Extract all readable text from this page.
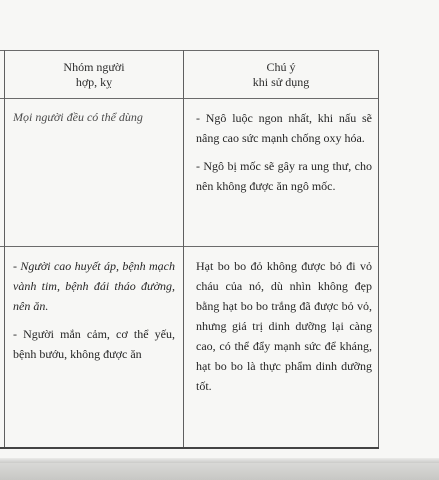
Nhóm người
hợp, kỵ
Chú ý
khi sử dụng
Mọi người đều có thể dùng	- Ngô luộc ngon nhất, khi nấu sẽ nâng cao sức mạnh chống oxy hóa.

- Ngô bị mốc sẽ gây ra ung thư, cho nên không được ăn ngô mốc.

- Người cao huyết áp, bệnh mạch vành tim, bệnh đái tháo đường, nên ăn.

- Người mắn cảm, cơ thể yếu, bệnh bướu, không được ăn

Hạt bo bo đỏ không được bỏ đi vỏ cháu của nó, dù nhìn không đẹp bằng hạt bo bo trắng đã được bỏ vỏ, nhưng giá trị dinh dưỡng lại càng cao, có thể đẩy mạnh sức để kháng, hạt bo bo là thực phẩm dinh dưỡng tốt.
